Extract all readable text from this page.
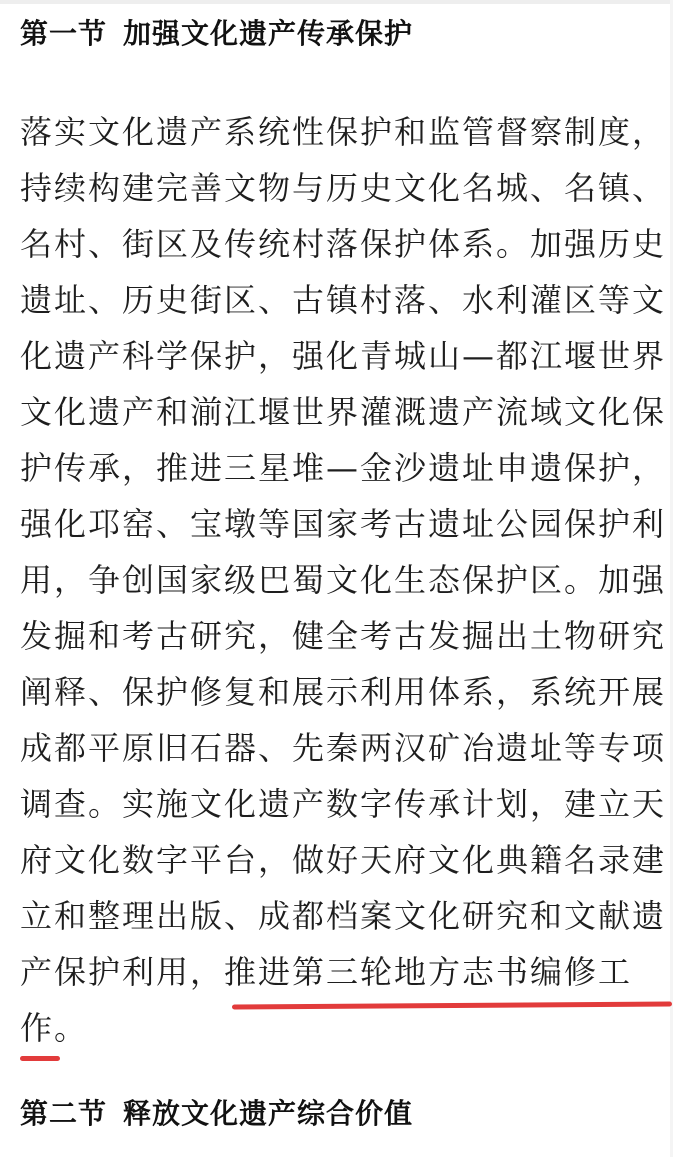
第一节 加强文化遗产传承保护
落实文化遗产系统性保护和监管督察制度，
持续构建完善文物与历史文化名城、名镇、
名村、街区及传统村落保护体系。加强历史
遗址、历史街区、古镇村落、水利灌区等文
化遗产科学保护，强化青城山—都江堰世界
文化遗产和湔江堰世界灌溉遗产流域文化保
护传承，推进三星堆—金沙遗址申遗保护，
强化邛窑、宝墩等国家考古遗址公园保护利
用，争创国家级巴蜀文化生态保护区。加强
发掘和考古研究，健全考古发掘出土物研究
阐释、保护修复和展示利用体系，系统开展
成都平原旧石器、先秦两汉矿冶遗址等专项
调查。实施文化遗产数字传承计划，建立天
府文化数字平台，做好天府文化典籍名录建
立和整理出版、成都档案文化研究和文献遗
产保护利用，推进第三轮地方志书编修工
作。
第二节 释放文化遗产综合价值
